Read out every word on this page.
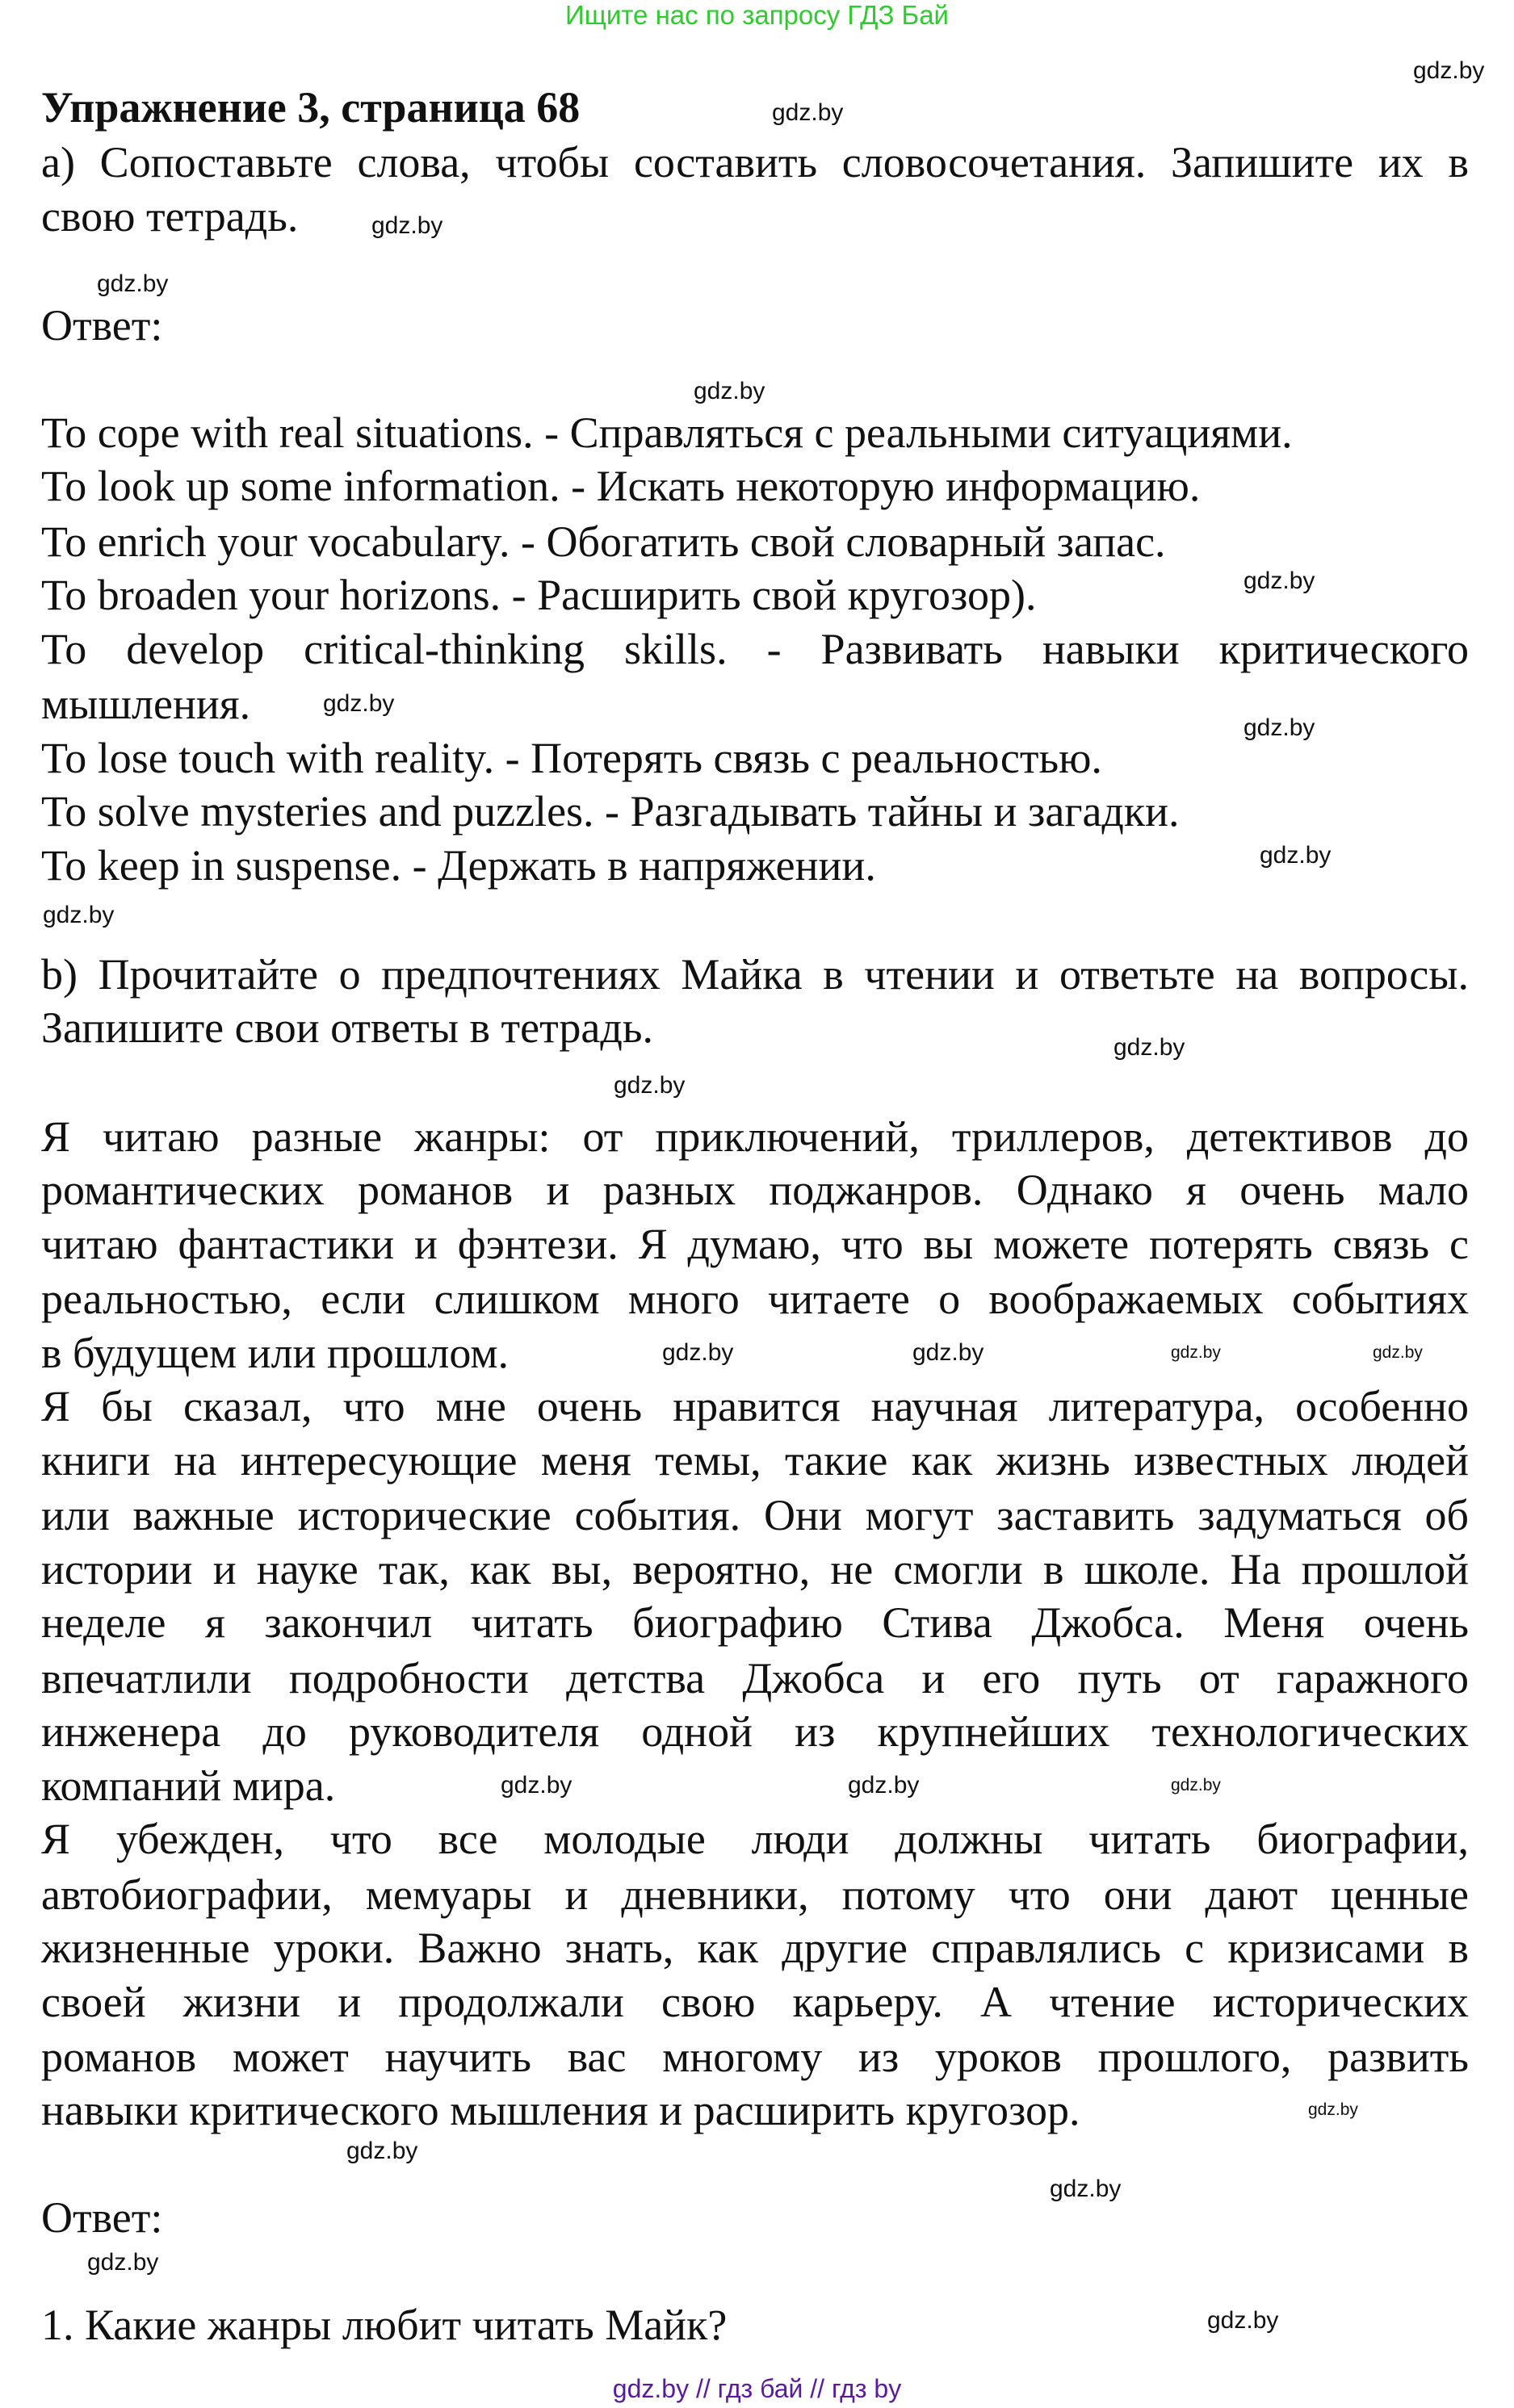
Ищите нас по запросу ГДЗ Бай
Упражнение 3, страница 68
а) Сопоставьте слова, чтобы составить словосочетания. Запишите их в
свою тетрадь.
Ответ:
To cope with real situations. - Справляться с реальными ситуациями.
To look up some information. - Искать некоторую информацию.
To enrich your vocabulary. - Обогатить свой словарный запас.
To broaden your horizons. - Расширить свой кругозор).
To develop critical-thinking skills. - Развивать навыки критического
мышления.
To lose touch with reality. - Потерять связь с реальностью.
To solve mysteries and puzzles. - Разгадывать тайны и загадки.
To keep in suspense. - Держать в напряжении.
b) Прочитайте о предпочтениях Майка в чтении и ответьте на вопросы.
Запишите свои ответы в тетрадь.
Я читаю разные жанры: от приключений, триллеров, детективов до
романтических романов и разных поджанров. Однако я очень мало
читаю фантастики и фэнтези. Я думаю, что вы можете потерять связь с
реальностью, если слишком много читаете о воображаемых событиях
в будущем или прошлом.
Я бы сказал, что мне очень нравится научная литература, особенно
книги на интересующие меня темы, такие как жизнь известных людей
или важные исторические события. Они могут заставить задуматься об
истории и науке так, как вы, вероятно, не смогли в школе. На прошлой
неделе я закончил читать биографию Стива Джобса. Меня очень
впечатлили подробности детства Джобса и его путь от гаражного
инженера до руководителя одной из крупнейших технологических
компаний мира.
Я убежден, что все молодые люди должны читать биографии,
автобиографии, мемуары и дневники, потому что они дают ценные
жизненные уроки. Важно знать, как другие справлялись с кризисами в
своей жизни и продолжали свою карьеру. А чтение исторических
романов может научить вас многому из уроков прошлого, развить
навыки критического мышления и расширить кругозор.
Ответ:
1. Какие жанры любит читать Майк?
gdz.by
gdz.by
gdz.by
gdz.by
gdz.by
gdz.by
gdz.by
gdz.by
gdz.by
gdz.by
gdz.by
gdz.by
gdz.by	gdz.by	gdz.by	gdz.by
gdz.by	gdz.by	gdz.by
gdz.by
gdz.by
gdz.by
gdz.by
gdz.by
gdz.by // гдз бай // гдз by
